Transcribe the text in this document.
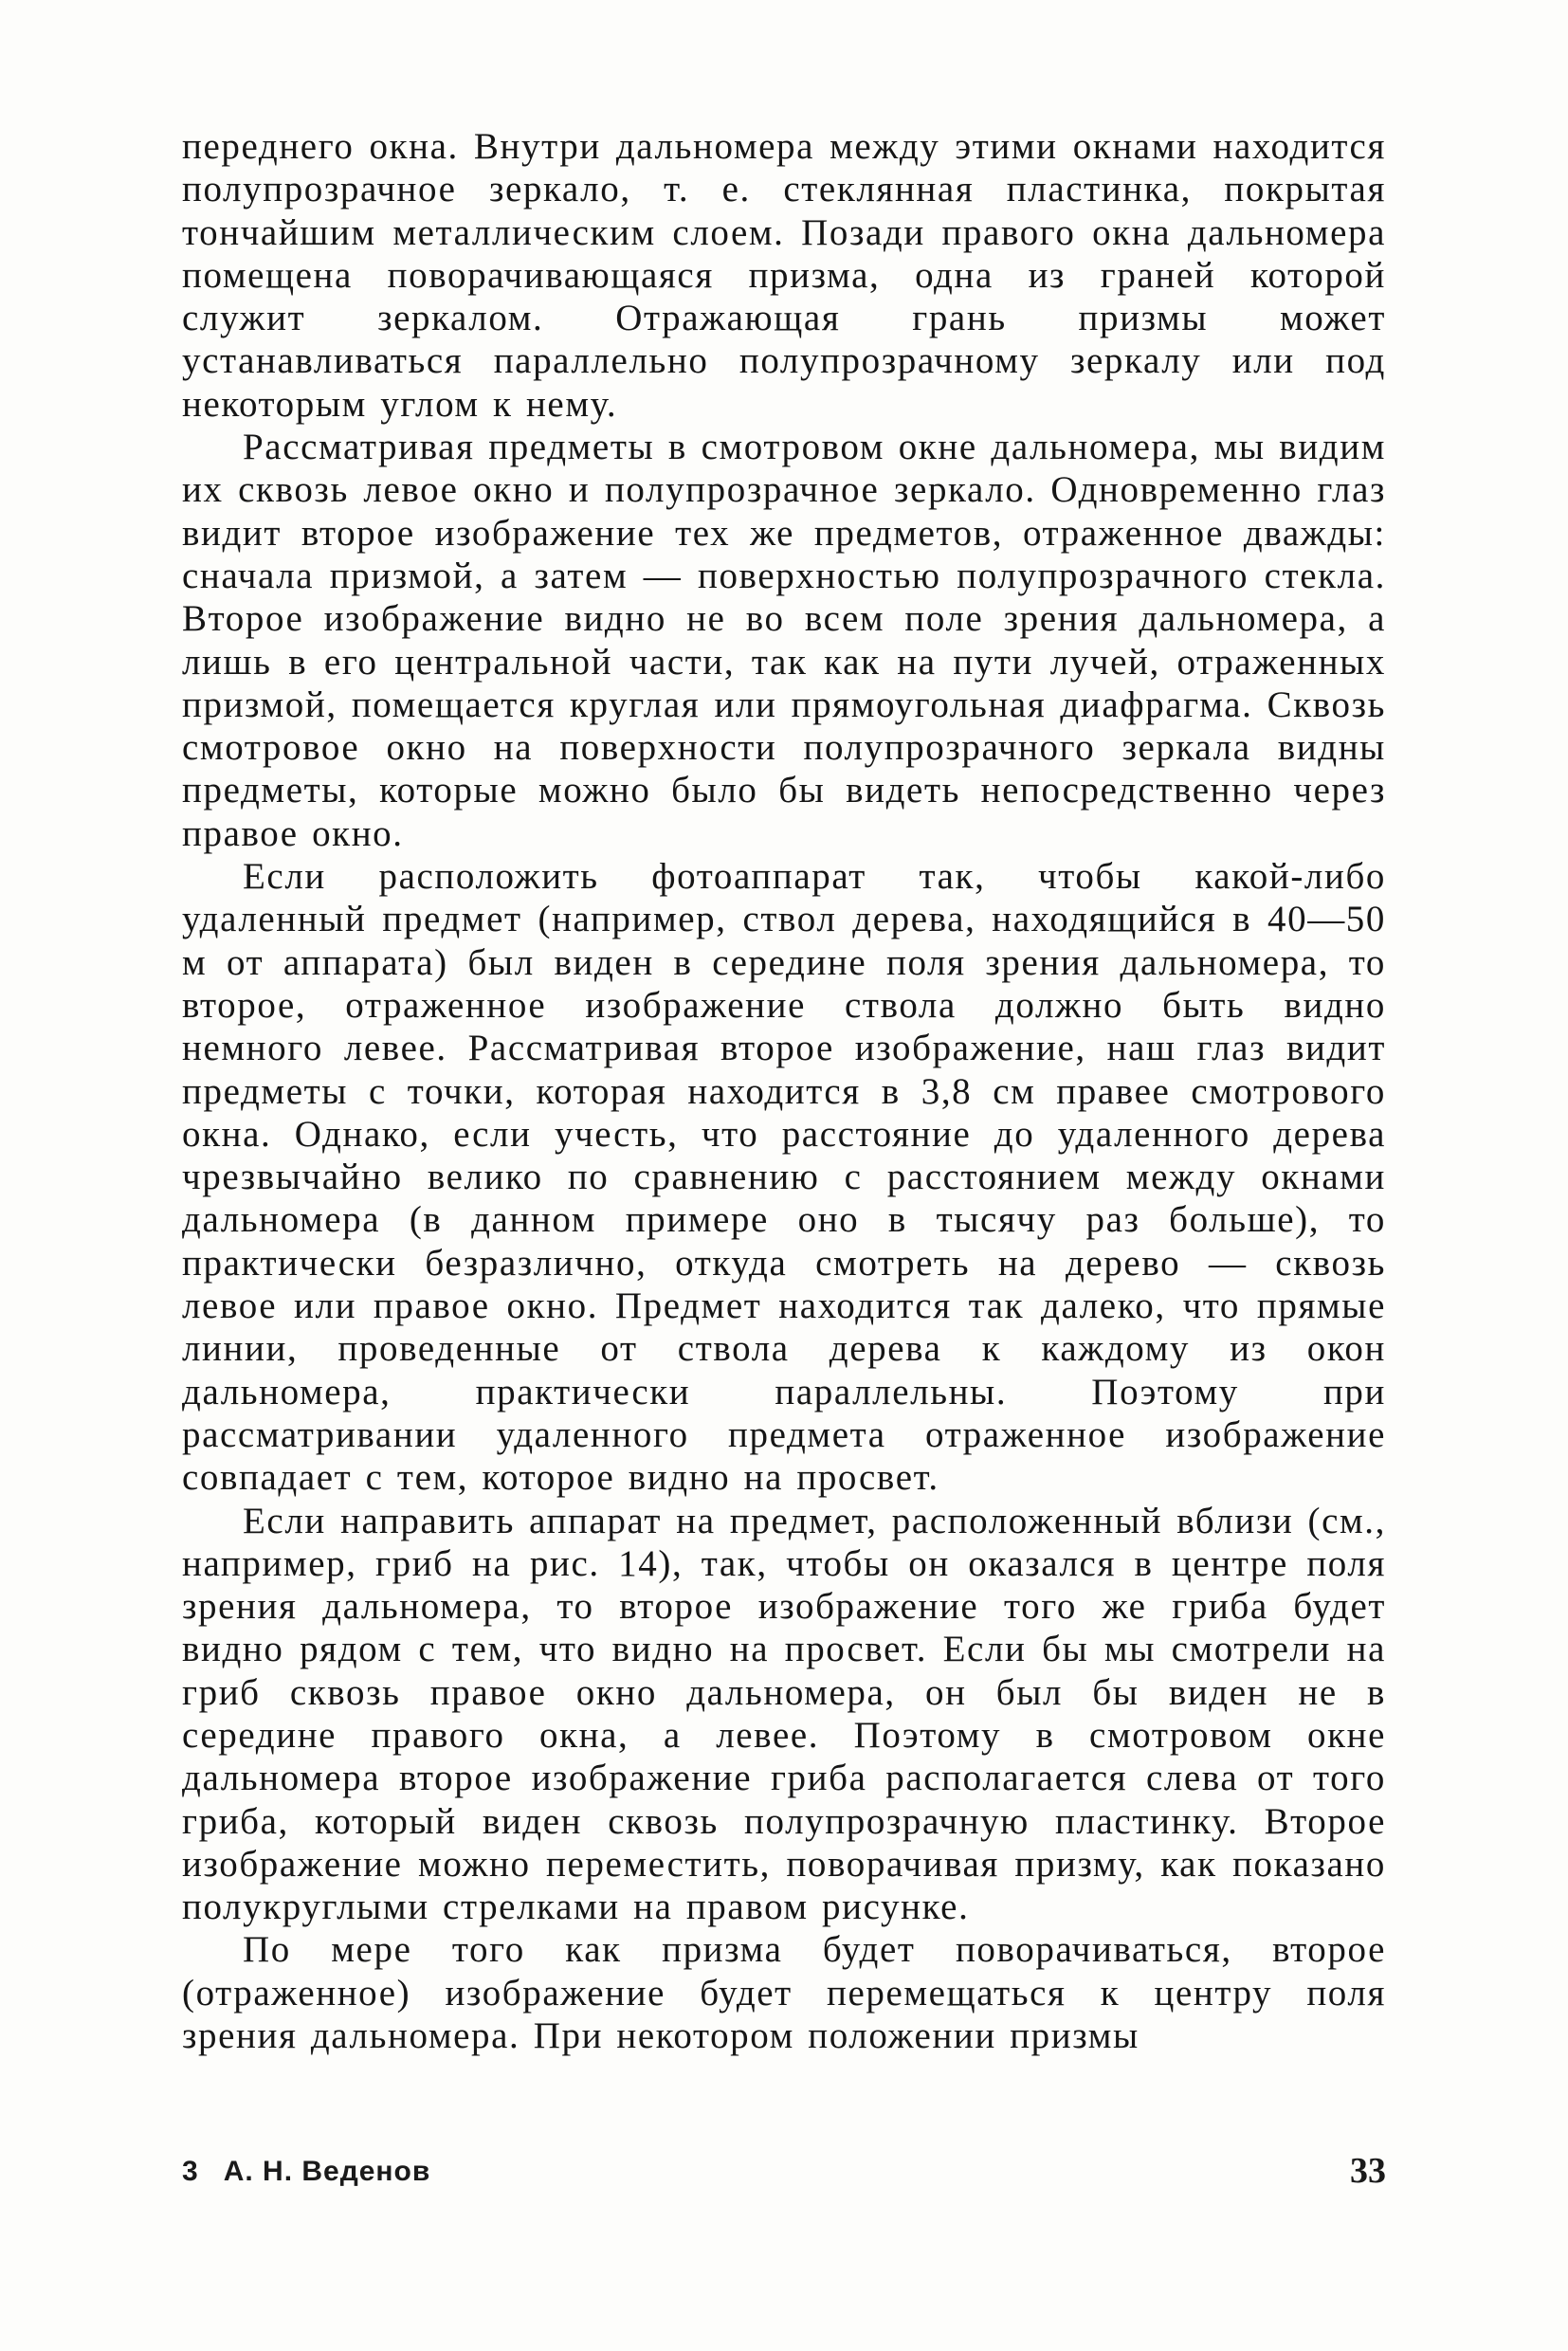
переднего окна. Внутри дальномера между этими окнами находится полупрозрачное зеркало, т. е. стеклянная пластинка, покрытая тончайшим металлическим слоем. Позади правого окна дальномера помещена поворачивающаяся призма, одна из граней которой служит зеркалом. Отражающая грань призмы может устанавливаться параллельно полупрозрачному зеркалу или под некоторым углом к нему.

Рассматривая предметы в смотровом окне дальномера, мы видим их сквозь левое окно и полупрозрачное зеркало. Одновременно глаз видит второе изображение тех же предметов, отраженное дважды: сначала призмой, а затем — поверхностью полупрозрачного стекла. Второе изображение видно не во всем поле зрения дальномера, а лишь в его центральной части, так как на пути лучей, отраженных призмой, помещается круглая или прямоугольная диафрагма. Сквозь смотровое окно на поверхности полупрозрачного зеркала видны предметы, которые можно было бы видеть непосредственно через правое окно.

Если расположить фотоаппарат так, чтобы какой-либо удаленный предмет (например, ствол дерева, находящийся в 40—50 м от аппарата) был виден в середине поля зрения дальномера, то второе, отраженное изображение ствола должно быть видно немного левее. Рассматривая второе изображение, наш глаз видит предметы с точки, которая находится в 3,8 см правее смотрового окна. Однако, если учесть, что расстояние до удаленного дерева чрезвычайно велико по сравнению с расстоянием между окнами дальномера (в данном примере оно в тысячу раз больше), то практически безразлично, откуда смотреть на дерево — сквозь левое или правое окно. Предмет находится так далеко, что прямые линии, проведенные от ствола дерева к каждому из окон дальномера, практически параллельны. Поэтому при рассматривании удаленного предмета отраженное изображение совпадает с тем, которое видно на просвет.

Если направить аппарат на предмет, расположенный вблизи (см., например, гриб на рис. 14), так, чтобы он оказался в центре поля зрения дальномера, то второе изображение того же гриба будет видно рядом с тем, что видно на просвет. Если бы мы смотрели на гриб сквозь правое окно дальномера, он был бы виден не в середине правого окна, а левее. Поэтому в смотровом окне дальномера второе изображение гриба располагается слева от того гриба, который виден сквозь полупрозрачную пластинку. Второе изображение можно переместить, поворачивая призму, как показано полукруглыми стрелками на правом рисунке.

По мере того как призма будет поворачиваться, второе (отраженное) изображение будет перемещаться к центру поля зрения дальномера. При некотором положении призмы

3 А. Н. Веденов	33
